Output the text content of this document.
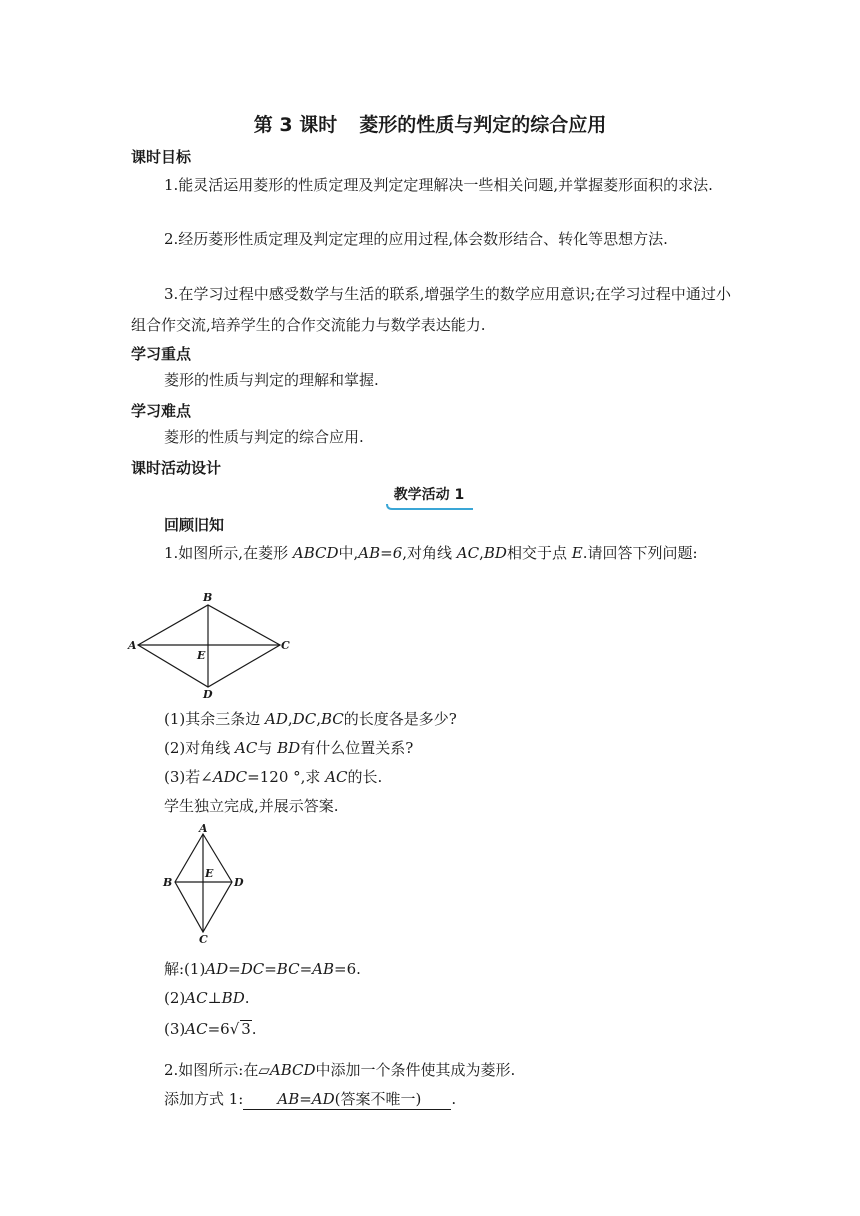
第 3 课时 菱形的性质与判定的综合应用
课时目标
1.能灵活运用菱形的性质定理及判定定理解决一些相关问题,并掌握菱形面积的求法.
2.经历菱形性质定理及判定定理的应用过程,体会数形结合、转化等思想方法.
3.在学习过程中感受数学与生活的联系,增强学生的数学应用意识;在学习过程中通过小组合作交流,培养学生的合作交流能力与数学表达能力.
学习重点
菱形的性质与判定的理解和掌握.
学习难点
菱形的性质与判定的综合应用.
课时活动设计
教学活动 1
回顾旧知
1.如图所示,在菱形 ABCD中,AB=6,对角线 AC,BD相交于点 E.请回答下列问题:
A
B
C
D
E
(1)其余三条边 AD,DC,BC的长度各是多少?
(2)对角线 AC与 BD有什么位置关系?
(3)若∠ADC=120 °,求 AC的长.
学生独立完成,并展示答案.
A
B	D
C
E
解:(1)AD=DC=BC=AB=6.
(2)AC⊥BD.
(3)AC=6√ 3.
2.如图所示:在▱ABCD中添加一个条件使其成为菱形.
添加方式 1: AB=AD(答案不唯一) .
